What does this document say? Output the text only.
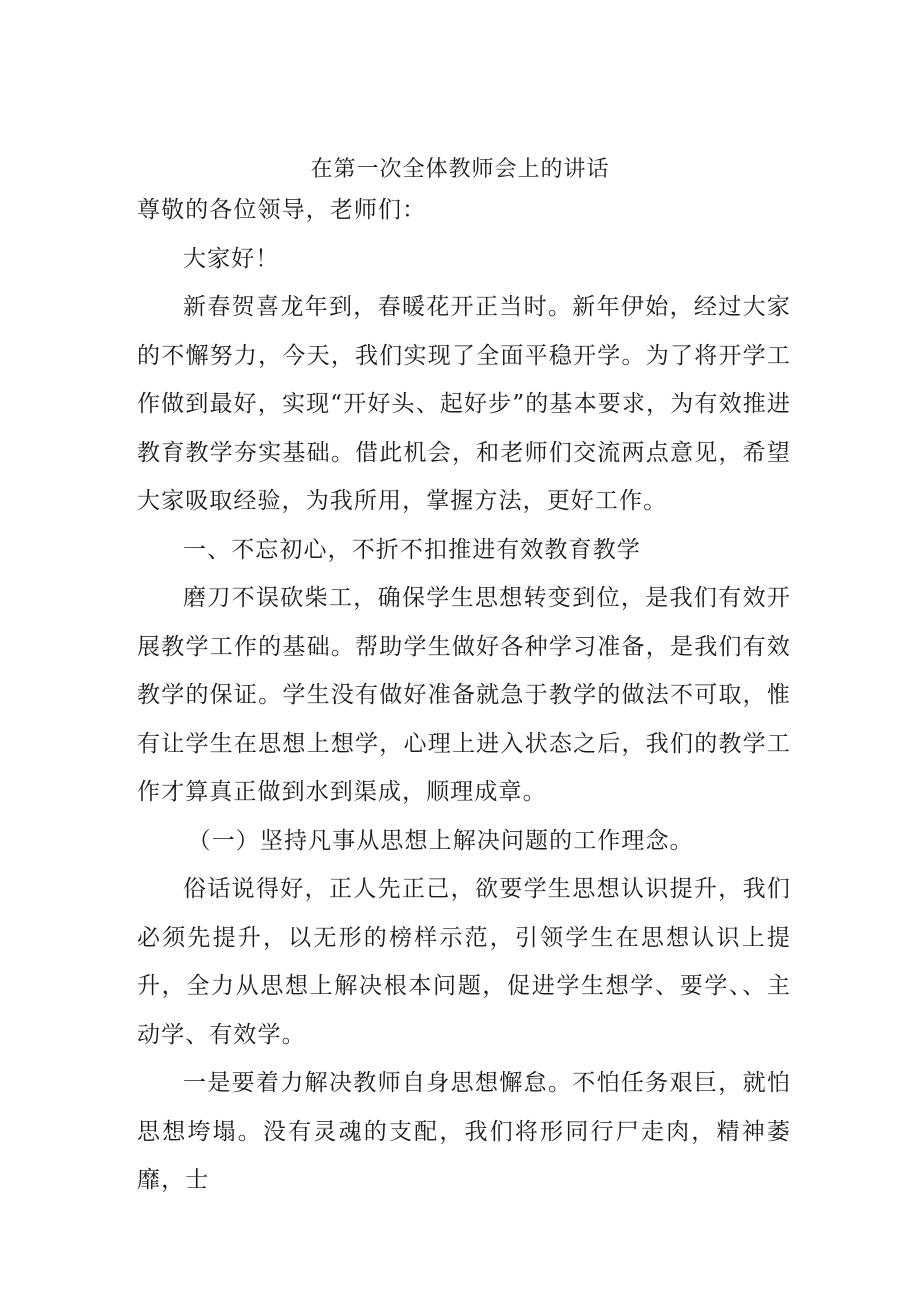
在第一次全体教师会上的讲话

尊敬的各位领导，老师们：

大家好！

新春贺喜龙年到，春暖花开正当时。新年伊始，经过大家的不懈努力，今天，我们实现了全面平稳开学。为了将开学工作做到最好，实现“开好头、起好步”的基本要求，为有效推进教育教学夯实基础。借此机会，和老师们交流两点意见，希望大家吸取经验，为我所用，掌握方法，更好工作。

一、不忘初心，不折不扣推进有效教育教学

磨刀不误砍柴工，确保学生思想转变到位，是我们有效开展教学工作的基础。帮助学生做好各种学习准备，是我们有效教学的保证。学生没有做好准备就急于教学的做法不可取，惟有让学生在思想上想学，心理上进入状态之后，我们的教学工作才算真正做到水到渠成，顺理成章。

（一）坚持凡事从思想上解决问题的工作理念。

俗话说得好，正人先正己，欲要学生思想认识提升，我们必须先提升，以无形的榜样示范，引领学生在思想认识上提升，全力从思想上解决根本问题，促进学生想学、要学、、主动学、有效学。

一是要着力解决教师自身思想懈怠。不怕任务艰巨，就怕思想垮塌。没有灵魂的支配，我们将形同行尸走肉，精神萎靡，士
